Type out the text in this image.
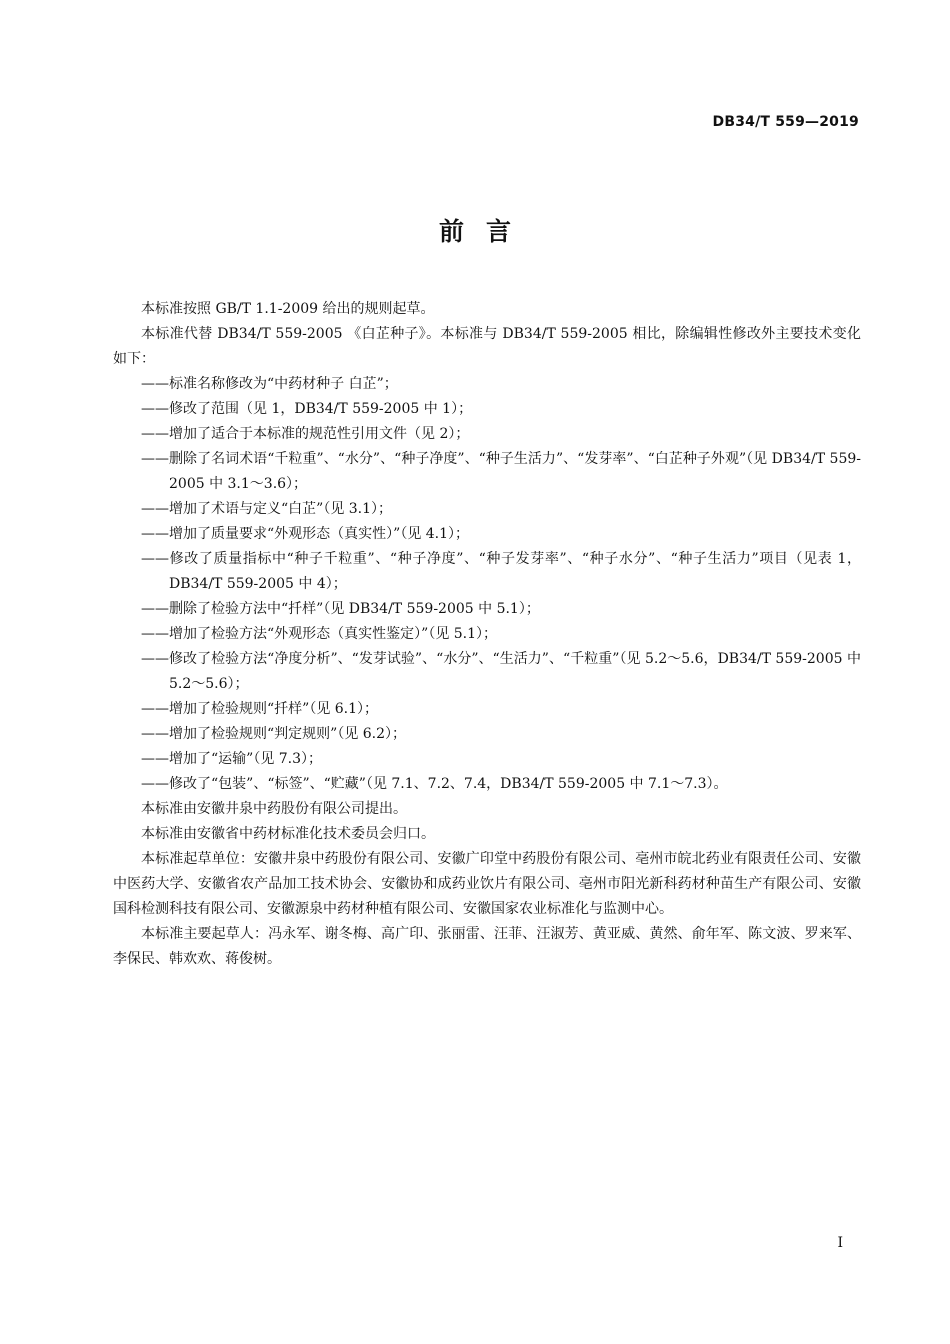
DB34/T 559—2019
前言

本标准按照 GB/T 1.1-2009 给出的规则起草。

本标准代替 DB34/T 559-2005 《白芷种子》。本标准与 DB34/T 559-2005 相比，除编辑性修改外主要技术变化如下：

——标准名称修改为“中药材种子 白芷”；

——修改了范围（见 1，DB34/T 559-2005 中 1）；

——增加了适合于本标准的规范性引用文件（见 2）；

——删除了名词术语“千粒重”、“水分”、“种子净度”、“种子生活力”、“发芽率”、“白芷种子外观”（见 DB34/T 559-2005 中 3.1～3.6）；

——增加了术语与定义“白芷”（见 3.1）；

——增加了质量要求“外观形态（真实性）”（见 4.1）；

——修改了质量指标中“种子千粒重”、“种子净度”、“种子发芽率”、“种子水分”、“种子生活力”项目（见表 1，DB34/T 559-2005 中 4）；

——删除了检验方法中“扦样”（见 DB34/T 559-2005 中 5.1）；

——增加了检验方法“外观形态（真实性鉴定）”（见 5.1）；

——修改了检验方法“净度分析”、“发芽试验”、“水分”、“生活力”、“千粒重”（见 5.2～5.6，DB34/T 559-2005 中 5.2～5.6）；

——增加了检验规则“扦样”（见 6.1）；

——增加了检验规则“判定规则”（见 6.2）；

——增加了“运输”（见 7.3）；

——修改了“包装”、“标签”、“贮藏”（见 7.1、7.2、7.4，DB34/T 559-2005 中 7.1～7.3）。

本标准由安徽井泉中药股份有限公司提出。

本标准由安徽省中药材标准化技术委员会归口。

本标准起草单位：安徽井泉中药股份有限公司、安徽广印堂中药股份有限公司、亳州市皖北药业有限责任公司、安徽中医药大学、安徽省农产品加工技术协会、安徽协和成药业饮片有限公司、亳州市阳光新科药材种苗生产有限公司、安徽国科检测科技有限公司、安徽源泉中药材种植有限公司、安徽国家农业标准化与监测中心。

本标准主要起草人：冯永军、谢冬梅、高广印、张丽雷、汪菲、汪淑芳、黄亚威、黄然、俞年军、陈文波、罗来军、李保民、韩欢欢、蒋俊树。

I
